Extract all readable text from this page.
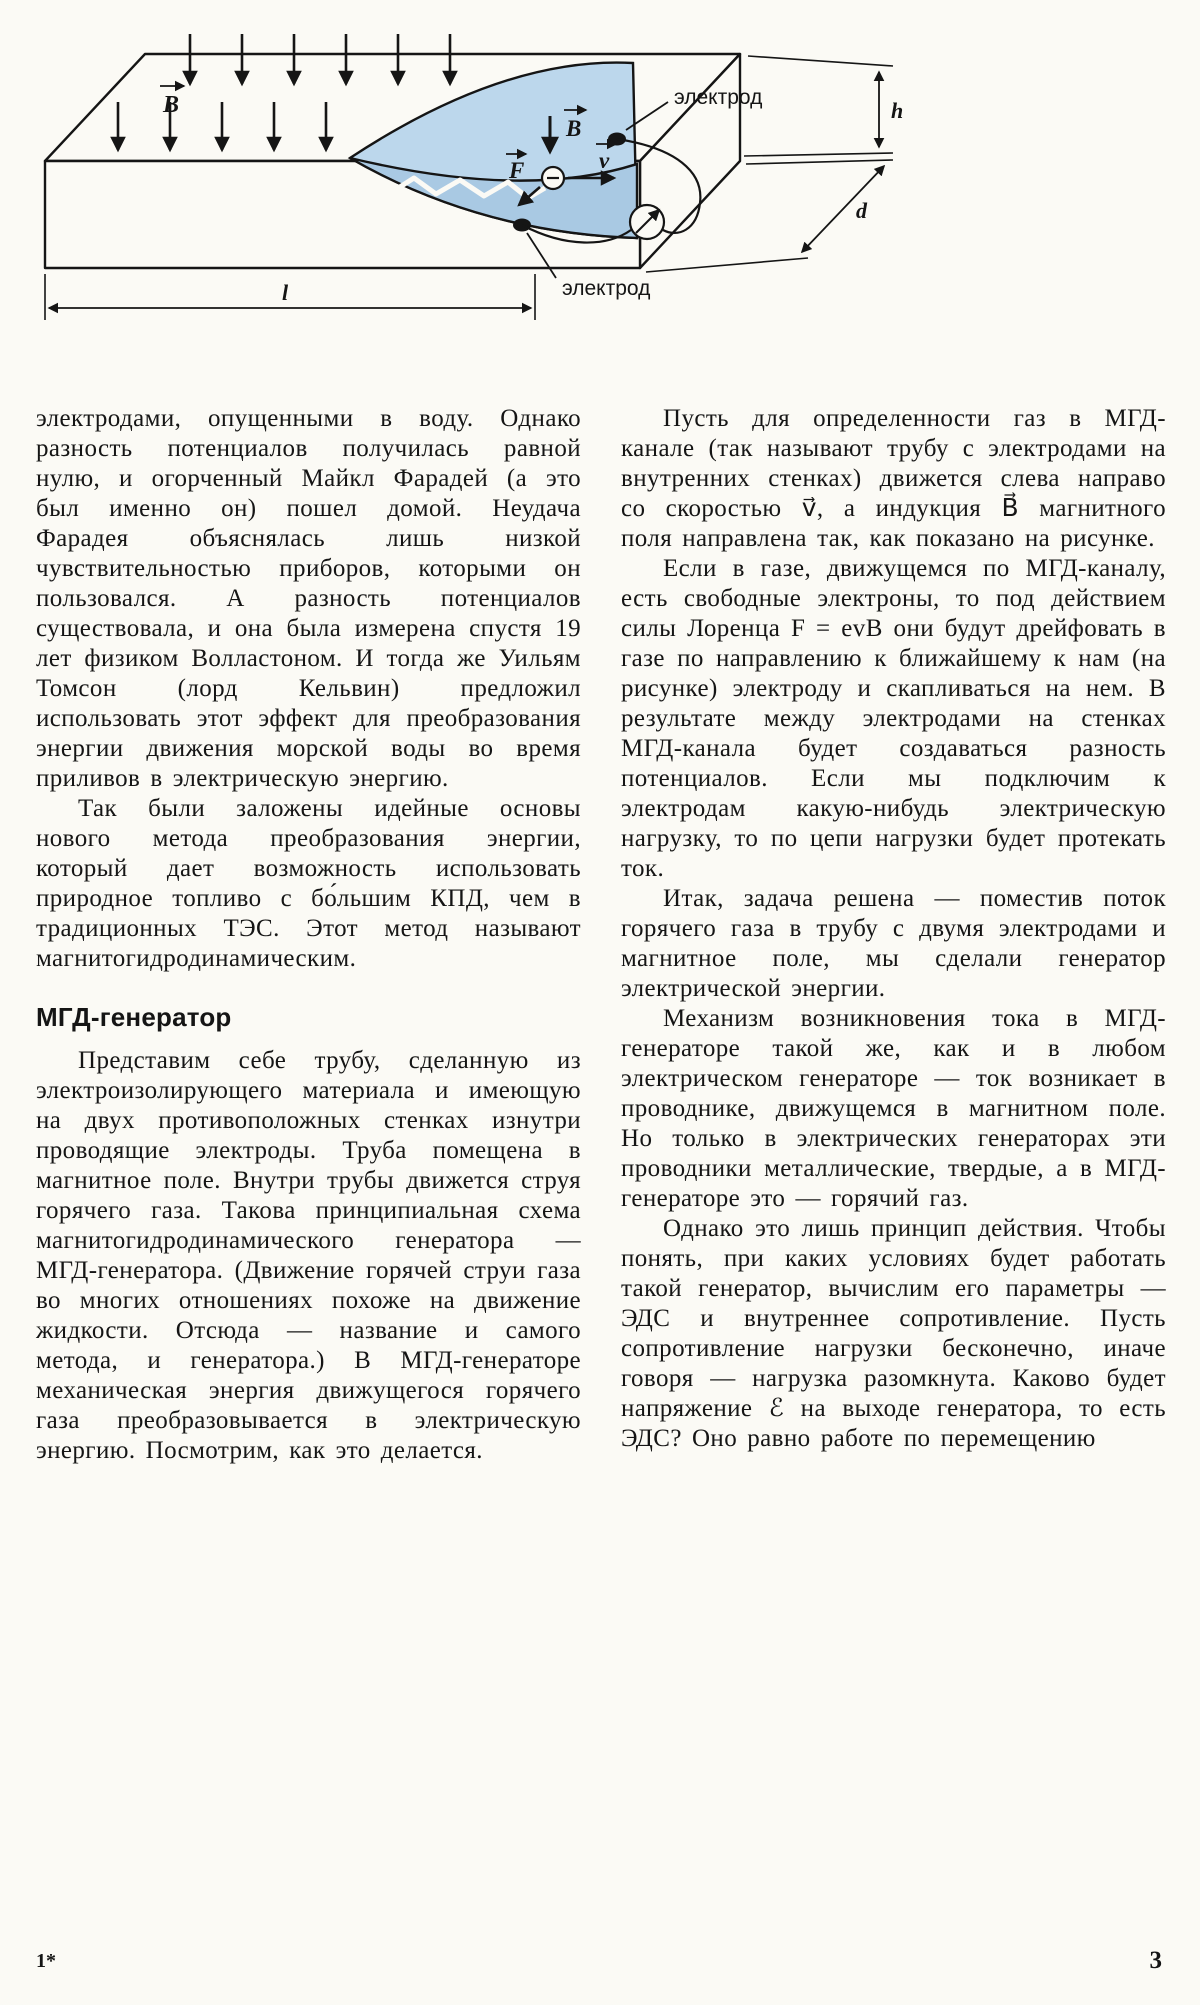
B
B
v
F
электрод
электрод
h
d
l

электродами, опущенными в воду. Однако разность потенциалов получилась равной нулю, и огорченный Майкл Фарадей (а это был именно он) пошел домой. Неудача Фарадея объяснялась лишь низкой чувствительностью приборов, которыми он пользовался. А разность потенциалов существовала, и она была измерена спустя 19 лет физиком Волластоном. И тогда же Уильям Томсон (лорд Кельвин) предложил использовать этот эффект для преобразования энергии движения морской воды во время приливов в электрическую энергию.

Так были заложены идейные основы нового метода преобразования энергии, который дает возможность использовать природное топливо с бо́льшим КПД, чем в традиционных ТЭС. Этот метод называют магнитогидродинамическим.

МГД-генератор

Представим себе трубу, сделанную из электроизолирующего материала и имеющую на двух противоположных стенках изнутри проводящие электроды. Труба помещена в магнитное поле. Внутри трубы движется струя горячего газа. Такова принципиальная схема магнитогидродинамического генератора — МГД-генератора. (Движение горячей струи газа во многих отношениях похоже на движение жидкости. Отсюда — название и самого метода, и генератора.) В МГД-генераторе механическая энергия движущегося горячего газа преобразовывается в электрическую энергию. Посмотрим, как это делается.

Пусть для определенности газ в МГД-канале (так называют трубу с электродами на внутренних стенках) движется слева направо со скоростью v⃗, а индукция B⃗ магнитного поля направлена так, как показано на рисунке.

Если в газе, движущемся по МГД-каналу, есть свободные электроны, то под действием силы Лоренца F = evB они будут дрейфовать в газе по направлению к ближайшему к нам (на рисунке) электроду и скапливаться на нем. В результате между электродами на стенках МГД-канала будет создаваться разность потенциалов. Если мы подключим к электродам какую-нибудь электрическую нагрузку, то по цепи нагрузки будет протекать ток.

Итак, задача решена — поместив поток горячего газа в трубу с двумя электродами и магнитное поле, мы сделали генератор электрической энергии.

Механизм возникновения тока в МГД-генераторе такой же, как и в любом электрическом генераторе — ток возникает в проводнике, движущемся в магнитном поле. Но только в электрических генераторах эти проводники металлические, твердые, а в МГД-генераторе это — горячий газ.

Однако это лишь принцип действия. Чтобы понять, при каких условиях будет работать такой генератор, вычислим его параметры — ЭДС и внутреннее сопротивление. Пусть сопротивление нагрузки бесконечно, иначе говоря — нагрузка разомкнута. Каково будет напряжение ℰ на выходе генератора, то есть ЭДС? Оно равно работе по перемещению

1*	3
